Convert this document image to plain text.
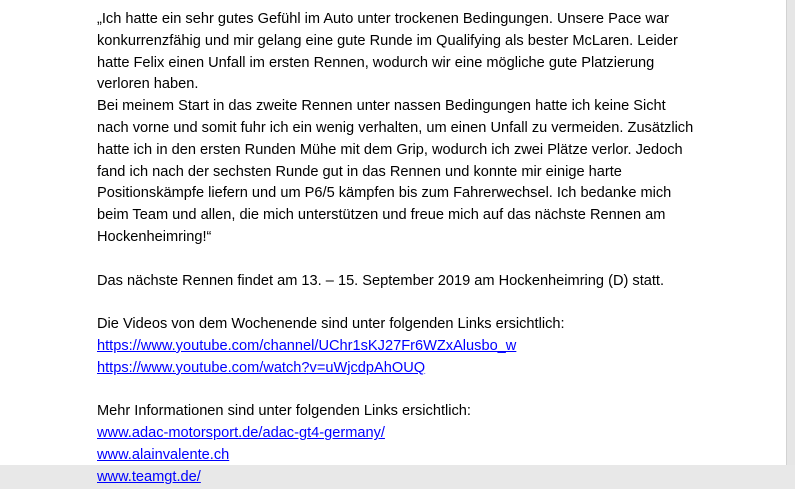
„Ich hatte ein sehr gutes Gefühl im Auto unter trockenen Bedingungen. Unsere Pace war

konkurrenzfähig und mir gelang eine gute Runde im Qualifying als bester McLaren. Leider

hatte Felix einen Unfall im ersten Rennen, wodurch wir eine mögliche gute Platzierung

verloren haben.

Bei meinem Start in das zweite Rennen unter nassen Bedingungen hatte ich keine Sicht

nach vorne und somit fuhr ich ein wenig verhalten, um einen Unfall zu vermeiden. Zusätzlich

hatte ich in den ersten Runden Mühe mit dem Grip, wodurch ich zwei Plätze verlor. Jedoch

fand ich nach der sechsten Runde gut in das Rennen und konnte mir einige harte

Positionskämpfe liefern und um P6/5 kämpfen bis zum Fahrerwechsel. Ich bedanke mich

beim Team und allen, die mich unterstützen und freue mich auf das nächste Rennen am

Hockenheimring!“

Das nächste Rennen findet am 13. – 15. September 2019 am Hockenheimring (D) statt.

Die Videos von dem Wochenende sind unter folgenden Links ersichtlich:

https://www.youtube.com/channel/UChr1sKJ27Fr6WZxAlusbo_w

https://www.youtube.com/watch?v=uWjcdpAhOUQ

Mehr Informationen sind unter folgenden Links ersichtlich:

www.adac-motorsport.de/adac-gt4-germany/

www.alainvalente.ch

www.teamgt.de/
